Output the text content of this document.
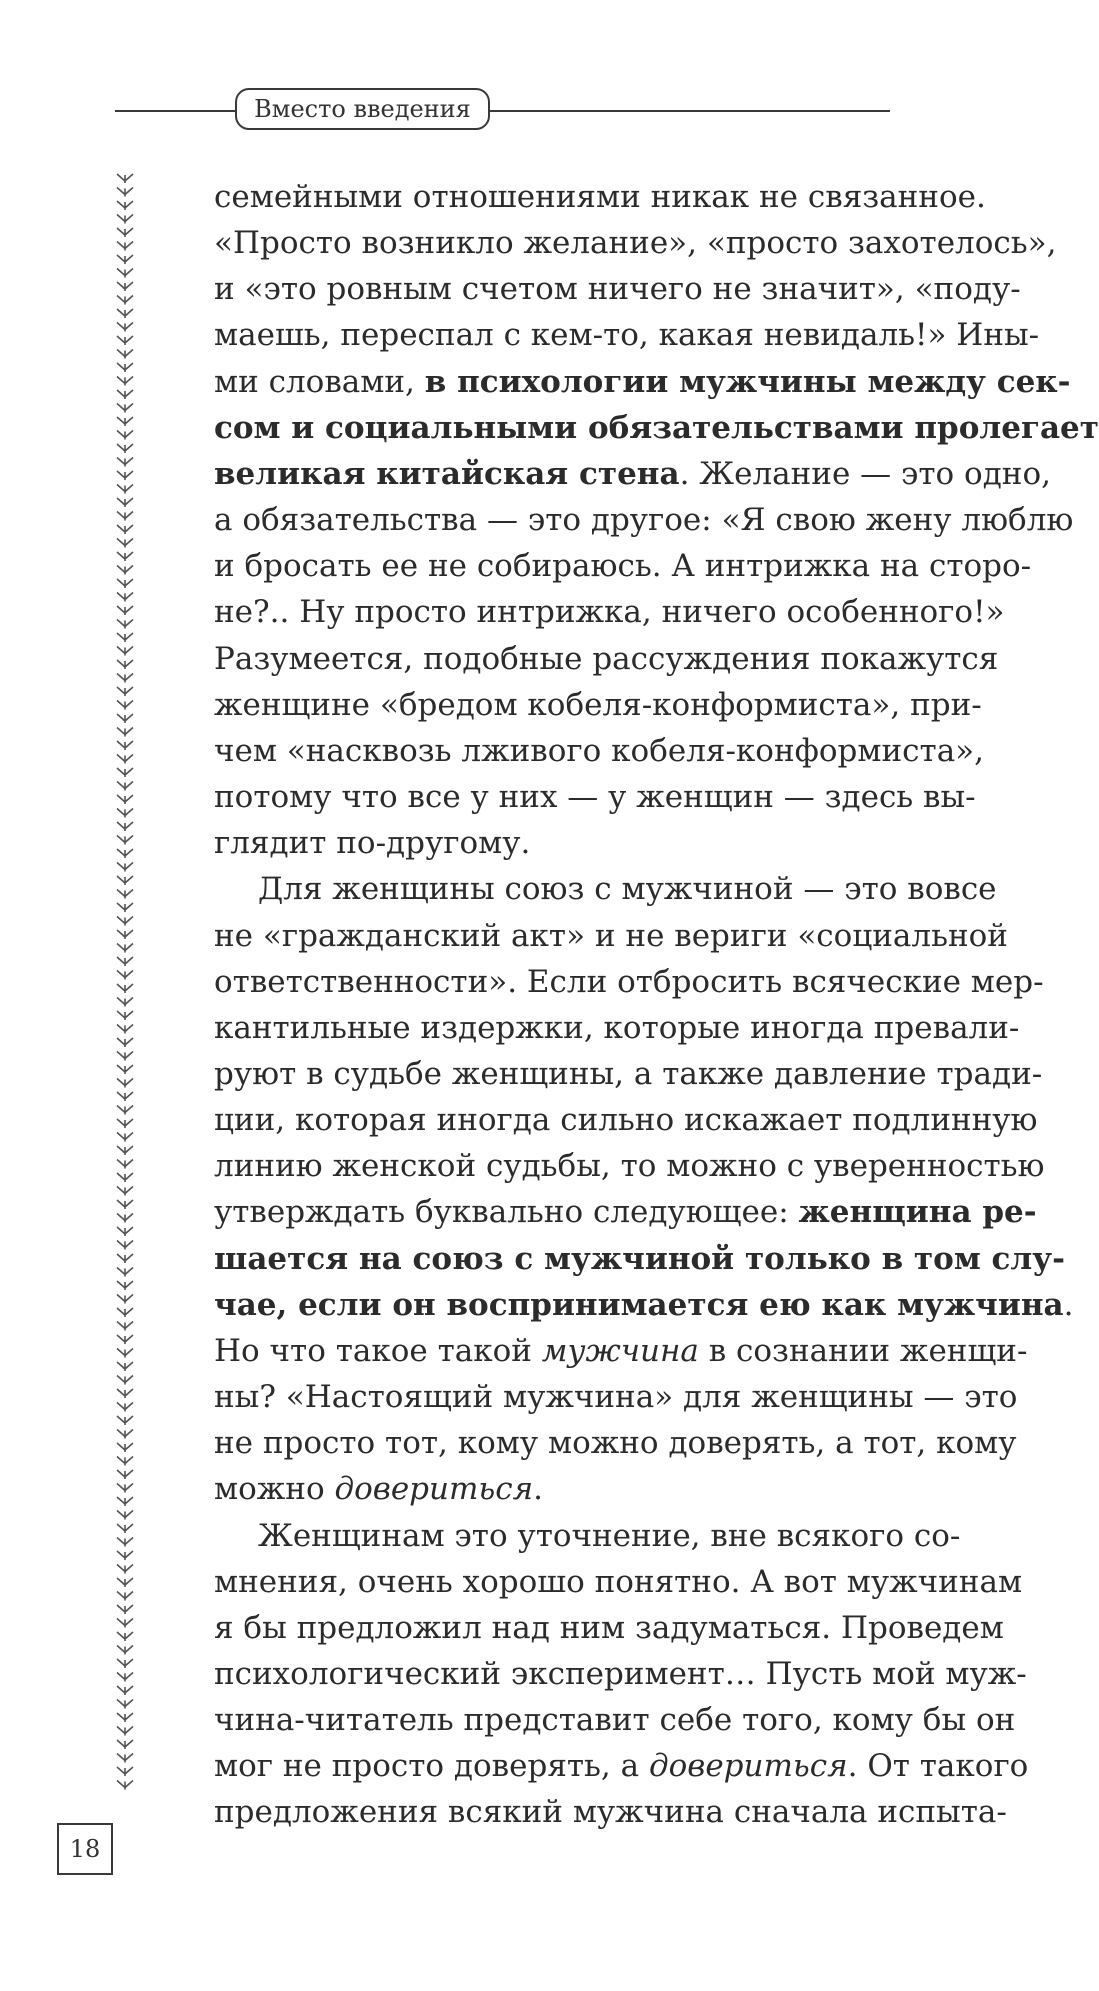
Вместо введения

семейными отношениями никак не связанное.

«Просто возникло желание», «просто захотелось»,

и «это ровным счетом ничего не значит», «поду-

маешь, переспал с кем-то, какая невидаль!» Ины-

ми словами, в психологии мужчины между сек-

сом и социальными обязательствами пролегает

великая китайская стена. Желание — это одно,

а обязательства — это другое: «Я свою жену люблю

и бросать ее не собираюсь. А интрижка на сторо-

не?.. Ну просто интрижка, ничего особенного!»

Разумеется, подобные рассуждения покажутся

женщине «бредом кобеля-конформиста», при-

чем «насквозь лживого кобеля-конформиста»,

потому что все у них — у женщин — здесь вы-

глядит по-другому.

Для женщины союз с мужчиной — это вовсе

не «гражданский акт» и не вериги «социальной

ответственности». Если отбросить всяческие мер-

кантильные издержки, которые иногда превали-

руют в судьбе женщины, а также давление тради-

ции, которая иногда сильно искажает подлинную

линию женской судьбы, то можно с уверенностью

утверждать буквально следующее: женщина ре-

шается на союз с мужчиной только в том слу-

чае, если он воспринимается ею как мужчина.

Но что такое такой мужчина в сознании женщи-

ны? «Настоящий мужчина» для женщины — это

не просто тот, кому можно доверять, а тот, кому

можно довериться.

Женщинам это уточнение, вне всякого со-

мнения, очень хорошо понятно. А вот мужчинам

я бы предложил над ним задуматься. Проведем

психологический эксперимент… Пусть мой муж-

чина-читатель представит себе того, кому бы он

мог не просто доверять, а довериться. От такого

предложения всякий мужчина сначала испыта-

18
